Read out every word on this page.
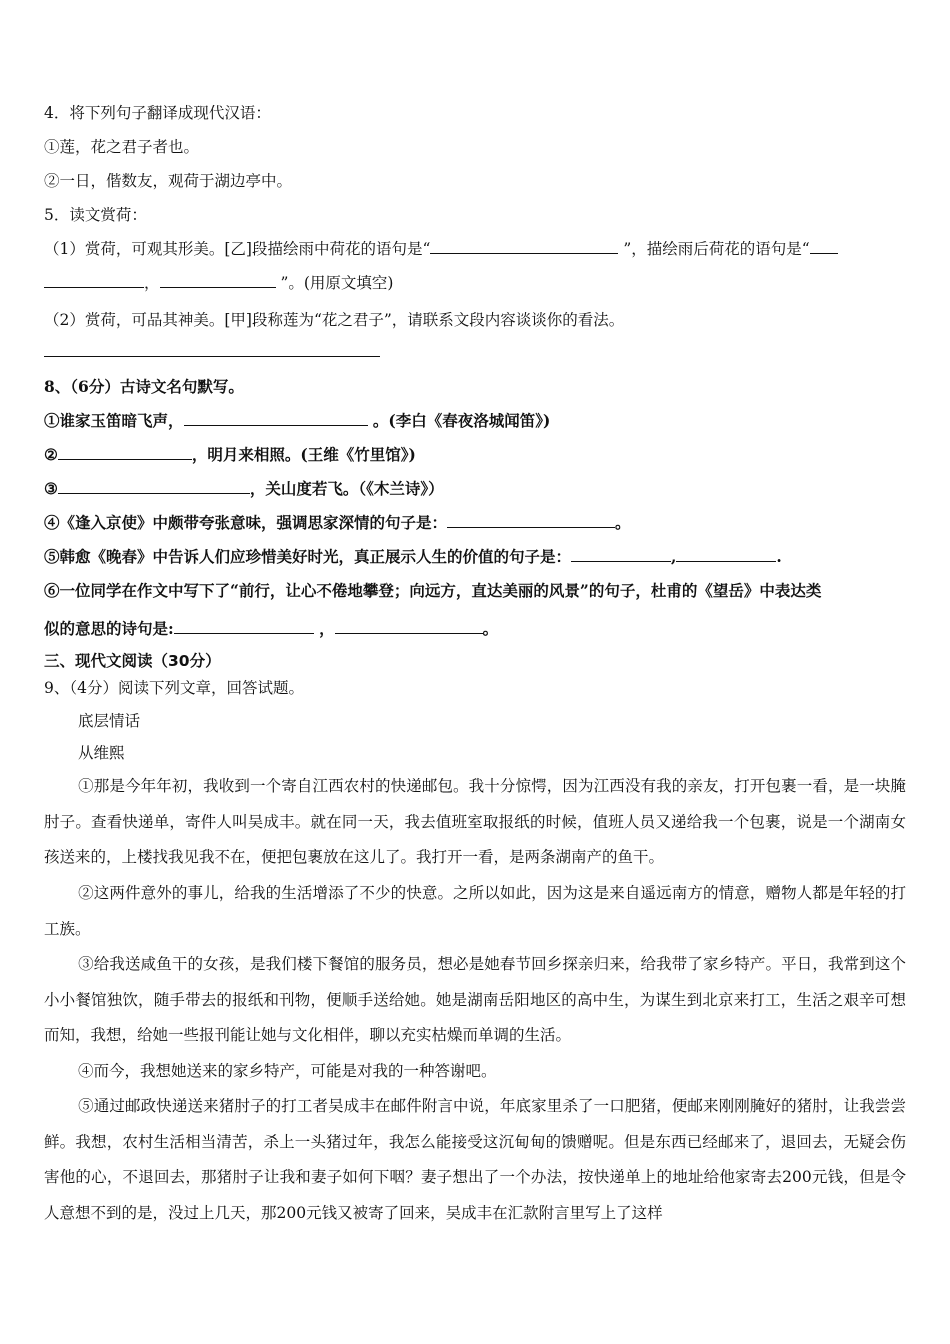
4．将下列句子翻译成现代汉语：
①莲，花之君子者也。
②一日，偕数友，观荷于湖边亭中。
5．读文赏荷：
（1）赏荷，可观其形美。[乙]段描绘雨中荷花的语句是“	”，描绘雨后荷花的语句是“
，	”。(用原文填空)
（2）赏荷，可品其神美。[甲]段称莲为“花之君子”，请联系文段内容谈谈你的看法。
8、（6分）古诗文名句默写。
①谁家玉笛暗飞声，	。(李白《春夜洛城闻笛》)
②	，明月来相照。(王维《竹里馆》)
③	，关山度若飞。（《木兰诗》）
④《逢入京使》中颇带夸张意味，强调思家深情的句子是：	。
⑤韩愈《晚春》中告诉人们应珍惜美好时光，真正展示人生的价值的句子是：	,	.
⑥一位同学在作文中写下了“前行，让心不倦地攀登；向远方，直达美丽的风景”的句子，杜甫的《望岳》中表达类
似的意思的诗句是:	，	。
三、现代文阅读（30分）
9、（4分）阅读下列文章，回答试题。
底层情话
从维熙
①那是今年年初，我收到一个寄自江西农村的快递邮包。我十分惊愕，因为江西没有我的亲友，打开包裹一看，是一块腌肘子。查看快递单，寄件人叫吴成丰。就在同一天，我去值班室取报纸的时候，值班人员又递给我一个包裹，说是一个湖南女孩送来的，上楼找我见我不在，便把包裹放在这儿了。我打开一看，是两条湖南产的鱼干。
②这两件意外的事儿，给我的生活增添了不少的快意。之所以如此，因为这是来自遥远南方的情意，赠物人都是年轻的打工族。
③给我送咸鱼干的女孩，是我们楼下餐馆的服务员，想必是她春节回乡探亲归来，给我带了家乡特产。平日，我常到这个小小餐馆独饮，随手带去的报纸和刊物，便顺手送给她。她是湖南岳阳地区的高中生，为谋生到北京来打工，生活之艰辛可想而知，我想，给她一些报刊能让她与文化相伴，聊以充实枯燥而单调的生活。
④而今，我想她送来的家乡特产，可能是对我的一种答谢吧。
⑤通过邮政快递送来猪肘子的打工者吴成丰在邮件附言中说，年底家里杀了一口肥猪，便邮来刚刚腌好的猪肘，让我尝尝鲜。我想，农村生活相当清苦，杀上一头猪过年，我怎么能接受这沉甸甸的馈赠呢。但是东西已经邮来了，退回去，无疑会伤害他的心，不退回去，那猪肘子让我和妻子如何下咽？妻子想出了一个办法，按快递单上的地址给他家寄去200元钱，但是令人意想不到的是，没过上几天，那200元钱又被寄了回来，吴成丰在汇款附言里写上了这样
